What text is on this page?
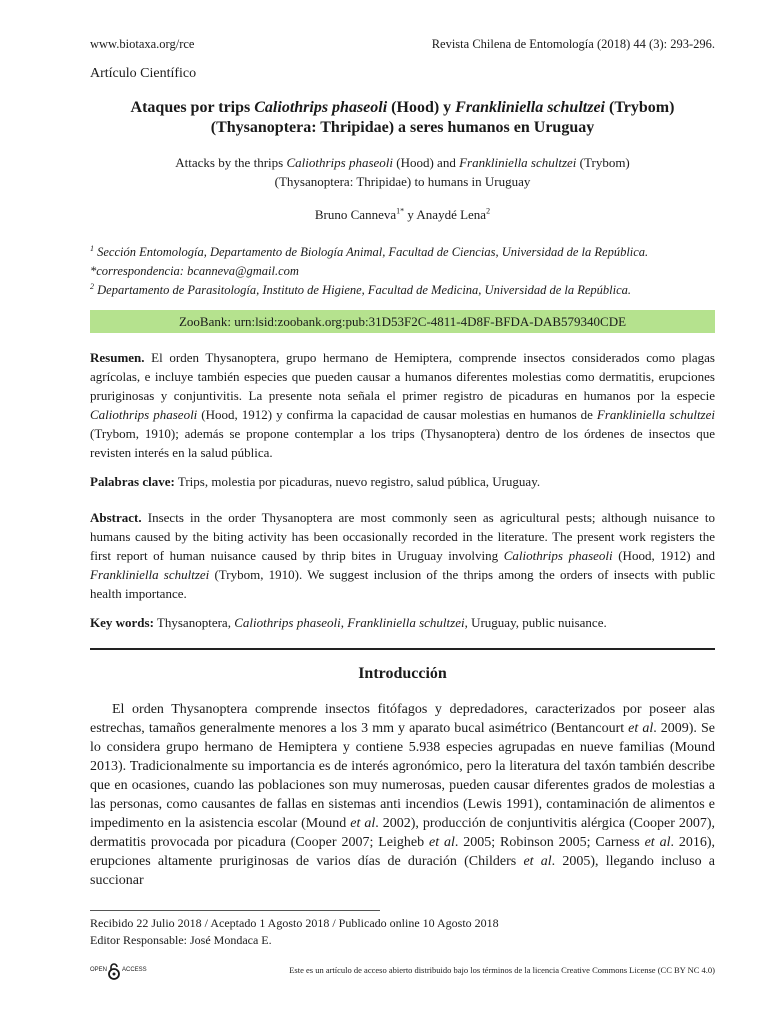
www.biotaxa.org/rce	Revista Chilena de Entomología (2018) 44 (3): 293-296.
Artículo Científico
Ataques por trips Caliothrips phaseoli (Hood) y Frankliniella schultzei (Trybom)
(Thysanoptera: Thripidae) a seres humanos en Uruguay
Attacks by the thrips Caliothrips phaseoli (Hood) and Frankliniella schultzei (Trybom)
(Thysanoptera: Thripidae) to humans in Uruguay
Bruno Canneva$^{1*}$ y Anaydé Lena$^2$
$^1$ Sección Entomología, Departamento de Biología Animal, Facultad de Ciencias, Universidad de la República.
*correspondencia: bcanneva@gmail.com
$^2$ Departamento de Parasitología, Instituto de Higiene, Facultad de Medicina, Universidad de la República.
ZooBank: urn:lsid:zoobank.org:pub:31D53F2C-4811-4D8F-BFDA-DAB579340CDE
Resumen. El orden Thysanoptera, grupo hermano de Hemiptera, comprende insectos considerados como plagas agrícolas, e incluye también especies que pueden causar a humanos diferentes molestias como dermatitis, erupciones pruriginosas y conjuntivitis. La presente nota señala el primer registro de picaduras en humanos por la especie Caliothrips phaseoli (Hood, 1912) y confirma la capacidad de causar molestias en humanos de Frankliniella schultzei (Trybom, 1910); además se propone contemplar a los trips (Thysanoptera) dentro de los órdenes de insectos que revisten interés en la salud pública.
Palabras clave: Trips, molestia por picaduras, nuevo registro, salud pública, Uruguay.
Abstract. Insects in the order Thysanoptera are most commonly seen as agricultural pests; although nuisance to humans caused by the biting activity has been occasionally recorded in the literature. The present work registers the first report of human nuisance caused by thrip bites in Uruguay involving Caliothrips phaseoli (Hood, 1912) and Frankliniella schultzei (Trybom, 1910). We suggest inclusion of the thrips among the orders of insects with public health importance.
Key words: Thysanoptera, Caliothrips phaseoli, Frankliniella schultzei, Uruguay, public nuisance.
Introducción
El orden Thysanoptera comprende insectos fitófagos y depredadores, caracterizados por poseer alas estrechas, tamaños generalmente menores a los 3 mm y aparato bucal asimétrico (Bentancourt et al. 2009). Se lo considera grupo hermano de Hemiptera y contiene 5.938 especies agrupadas en nueve familias (Mound 2013). Tradicionalmente su importancia es de interés agronómico, pero la literatura del taxón también describe que en ocasiones, cuando las poblaciones son muy numerosas, pueden causar diferentes grados de molestias a las personas, como causantes de fallas en sistemas anti incendios (Lewis 1991), contaminación de alimentos e impedimento en la asistencia escolar (Mound et al. 2002), producción de conjuntivitis alérgica (Cooper 2007), dermatitis provocada por picadura (Cooper 2007; Leigheb et al. 2005; Robinson 2005; Carness et al. 2016), erupciones altamente pruriginosas de varios días de duración (Childers et al. 2005), llegando incluso a succionar
Recibido 22 Julio 2018 / Aceptado 1 Agosto 2018 / Publicado online 10 Agosto 2018
Editor Responsable: José Mondaca E.
OPEN ACCESS	Este es un artículo de acceso abierto distribuido bajo los términos de la licencia Creative Commons License (CC BY NC 4.0)
